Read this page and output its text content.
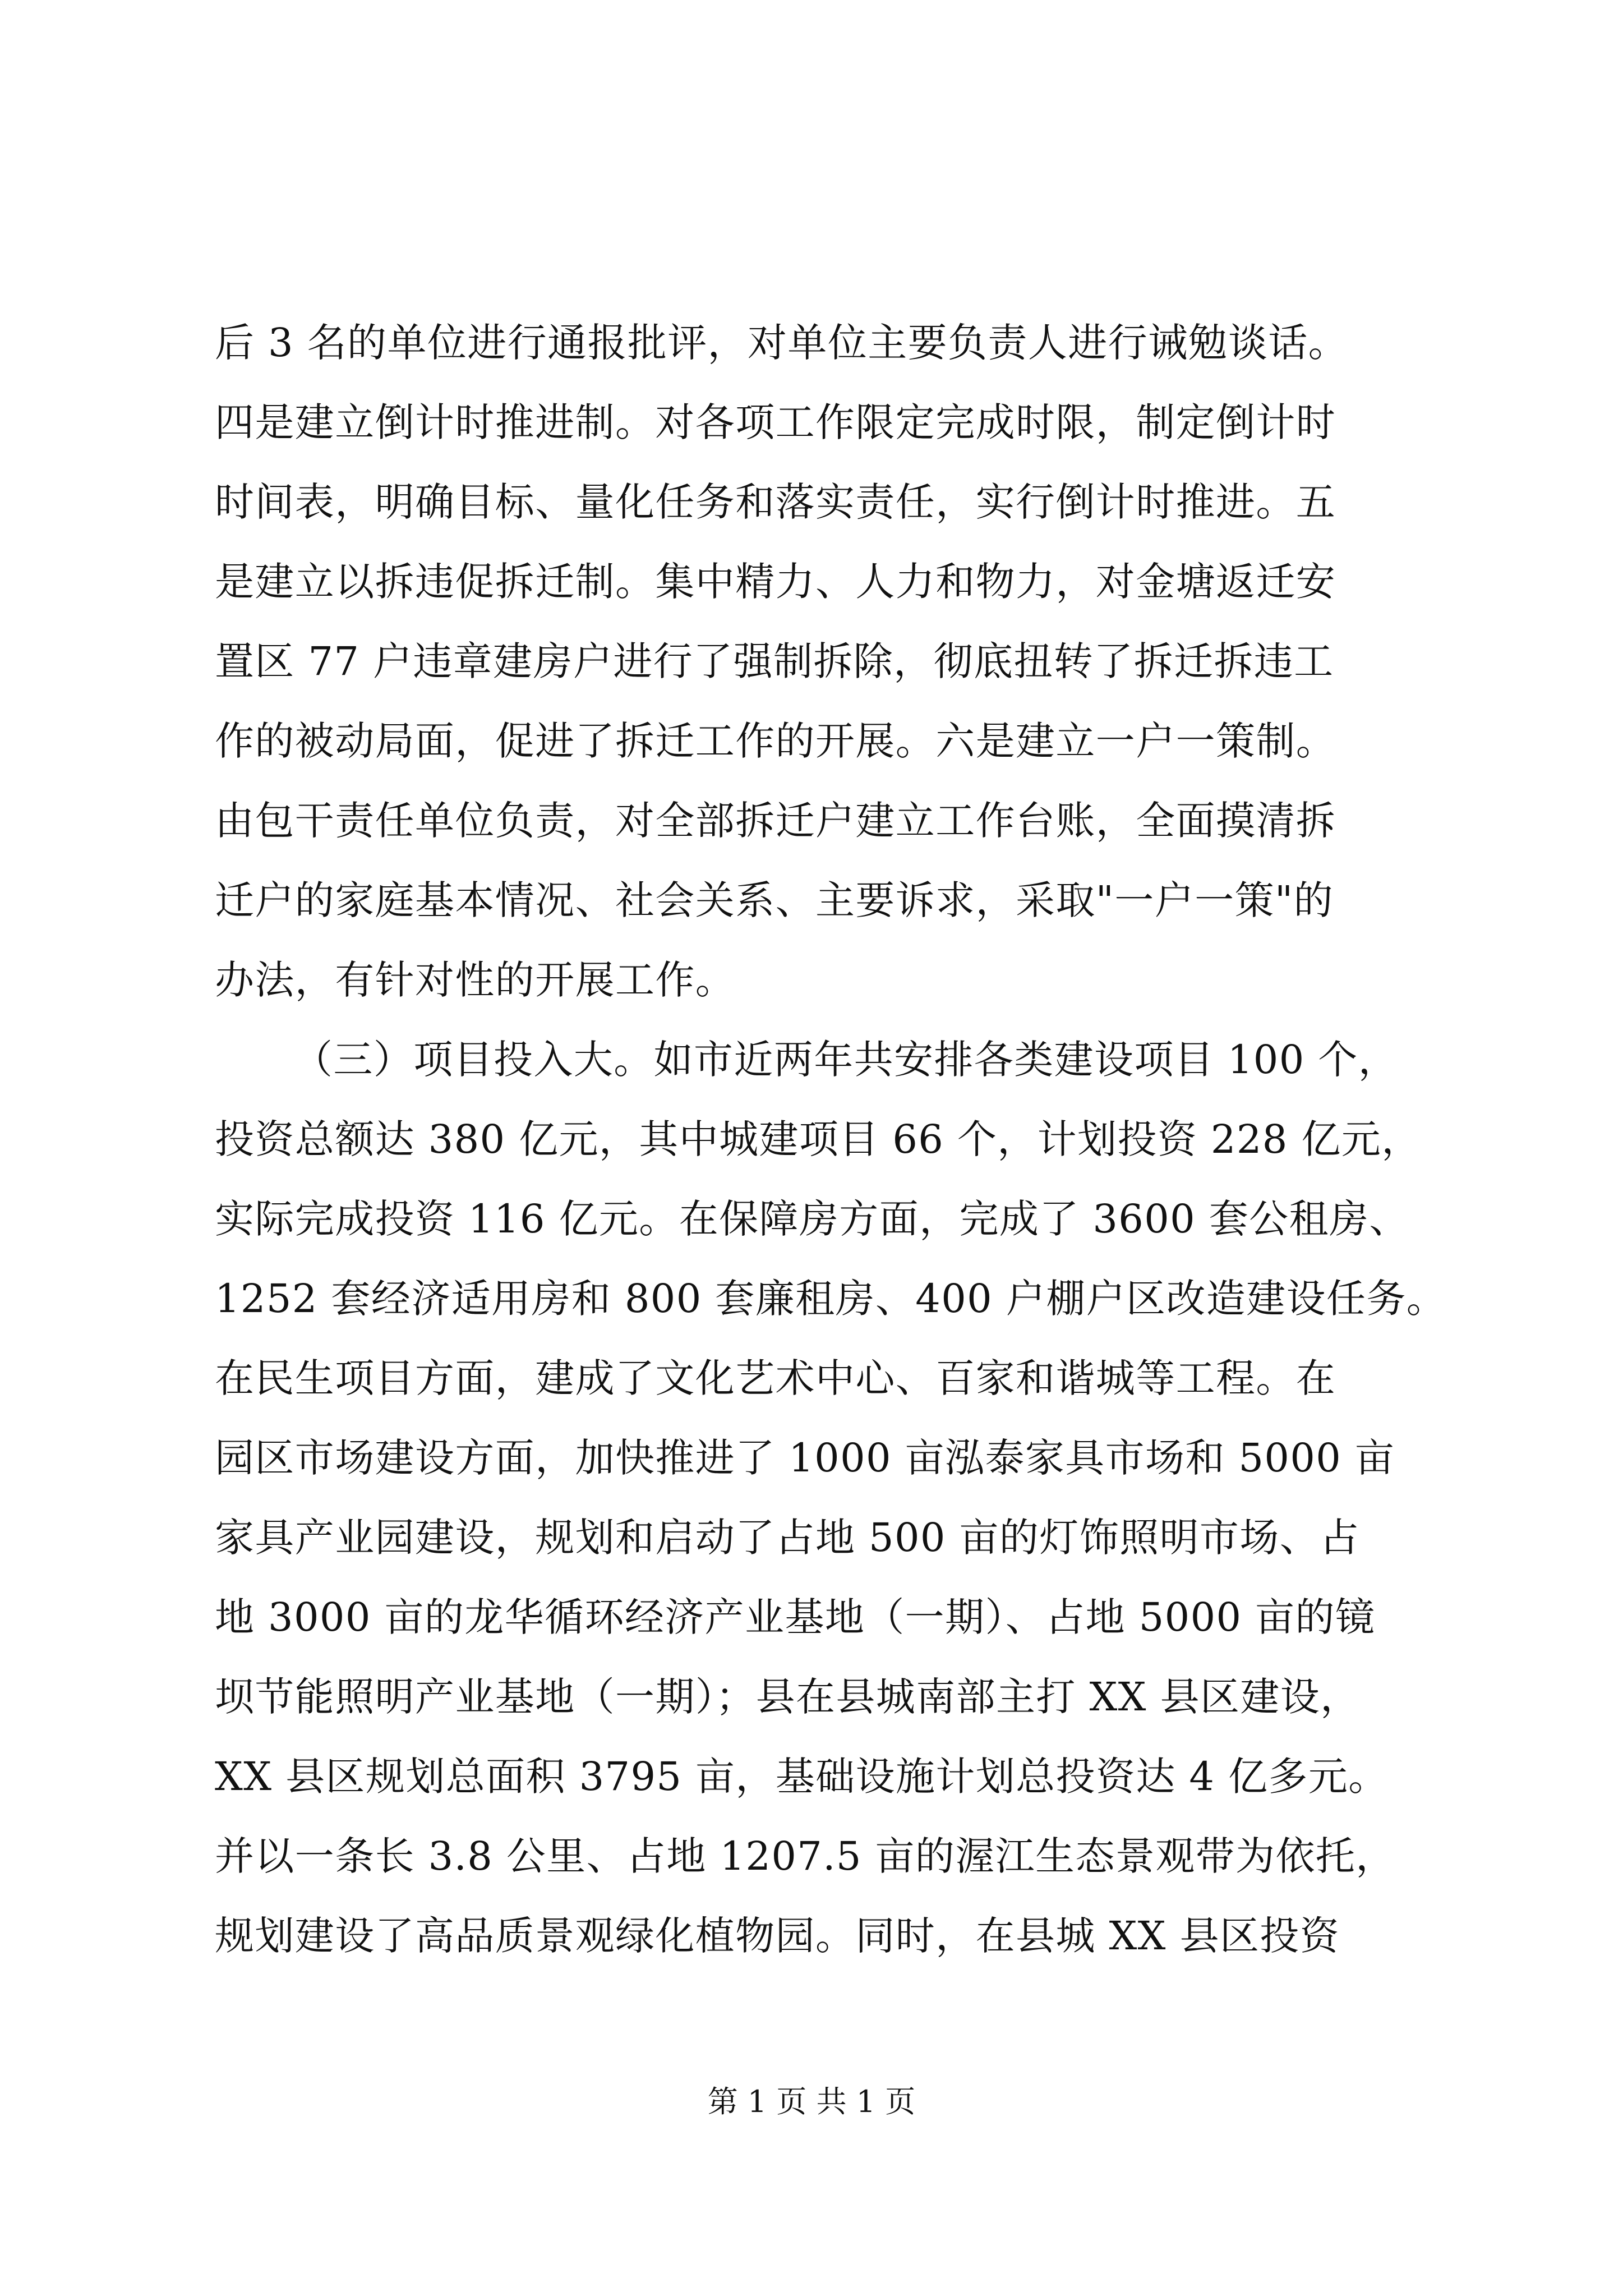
后 3 名的单位进行通报批评，对单位主要负责人进行诫勉谈话。
四是建立倒计时推进制。对各项工作限定完成时限，制定倒计时
时间表，明确目标、量化任务和落实责任，实行倒计时推进。五
是建立以拆违促拆迁制。集中精力、人力和物力，对金塘返迁安
置区 77 户违章建房户进行了强制拆除，彻底扭转了拆迁拆违工
作的被动局面，促进了拆迁工作的开展。六是建立一户一策制。
由包干责任单位负责，对全部拆迁户建立工作台账，全面摸清拆
迁户的家庭基本情况、社会关系、主要诉求，采取"一户一策"的
办法，有针对性的开展工作。
（三）项目投入大。如市近两年共安排各类建设项目 100 个，
投资总额达 380 亿元，其中城建项目 66 个，计划投资 228 亿元，
实际完成投资 116 亿元。在保障房方面，完成了 3600 套公租房、
1252 套经济适用房和 800 套廉租房、400 户棚户区改造建设任务。
在民生项目方面，建成了文化艺术中心、百家和谐城等工程。在
园区市场建设方面，加快推进了 1000 亩泓泰家具市场和 5000 亩
家具产业园建设，规划和启动了占地 500 亩的灯饰照明市场、占
地 3000 亩的龙华循环经济产业基地（一期）、占地 5000 亩的镜
坝节能照明产业基地（一期）；县在县城南部主打 XX 县区建设，
XX 县区规划总面积 3795 亩，基础设施计划总投资达 4 亿多元。
并以一条长 3.8 公里、占地 1207.5 亩的渥江生态景观带为依托，
规划建设了高品质景观绿化植物园。同时，在县城 XX 县区投资
第 1 页 共 1 页
